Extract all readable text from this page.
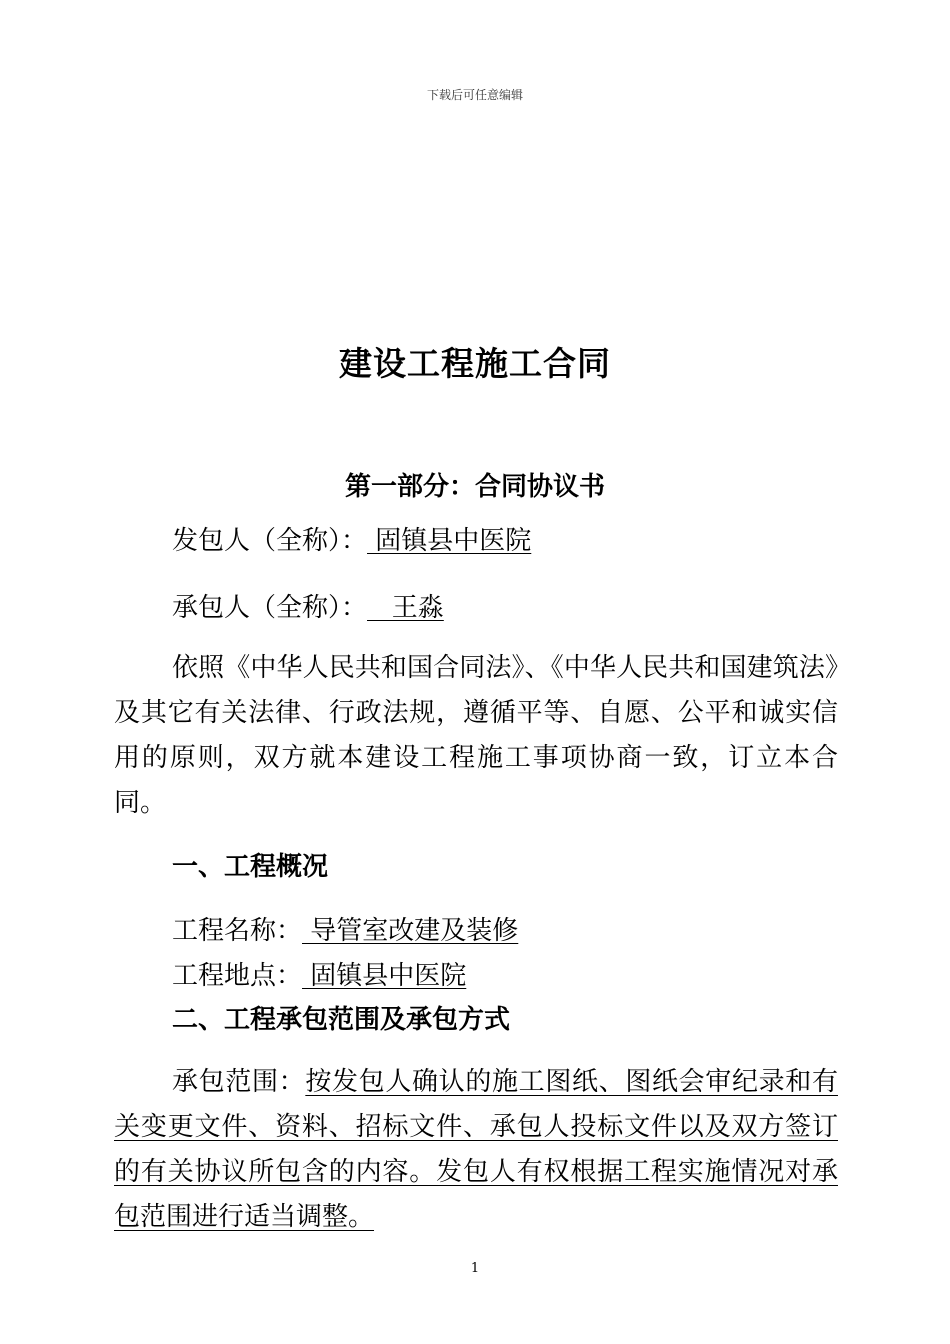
下载后可任意编辑
建设工程施工合同
第一部分：合同协议书
发包人（全称）： 固镇县中医院
承包人（全称）：   王淼

依照《中华人民共和国合同法》、《中华人民共和国建筑法》及其它有关法律、行政法规，遵循平等、自愿、公平和诚实信用的原则，双方就本建设工程施工事项协商一致，订立本合同。

一、工程概况
工程名称： 导管室改建及装修
工程地点： 固镇县中医院
二、工程承包范围及承包方式

承包范围：按发包人确认的施工图纸、图纸会审纪录和有关变更文件、资料、招标文件、承包人投标文件以及双方签订的有关协议所包含的内容。发包人有权根据工程实施情况对承包范围进行适当调整。

1
